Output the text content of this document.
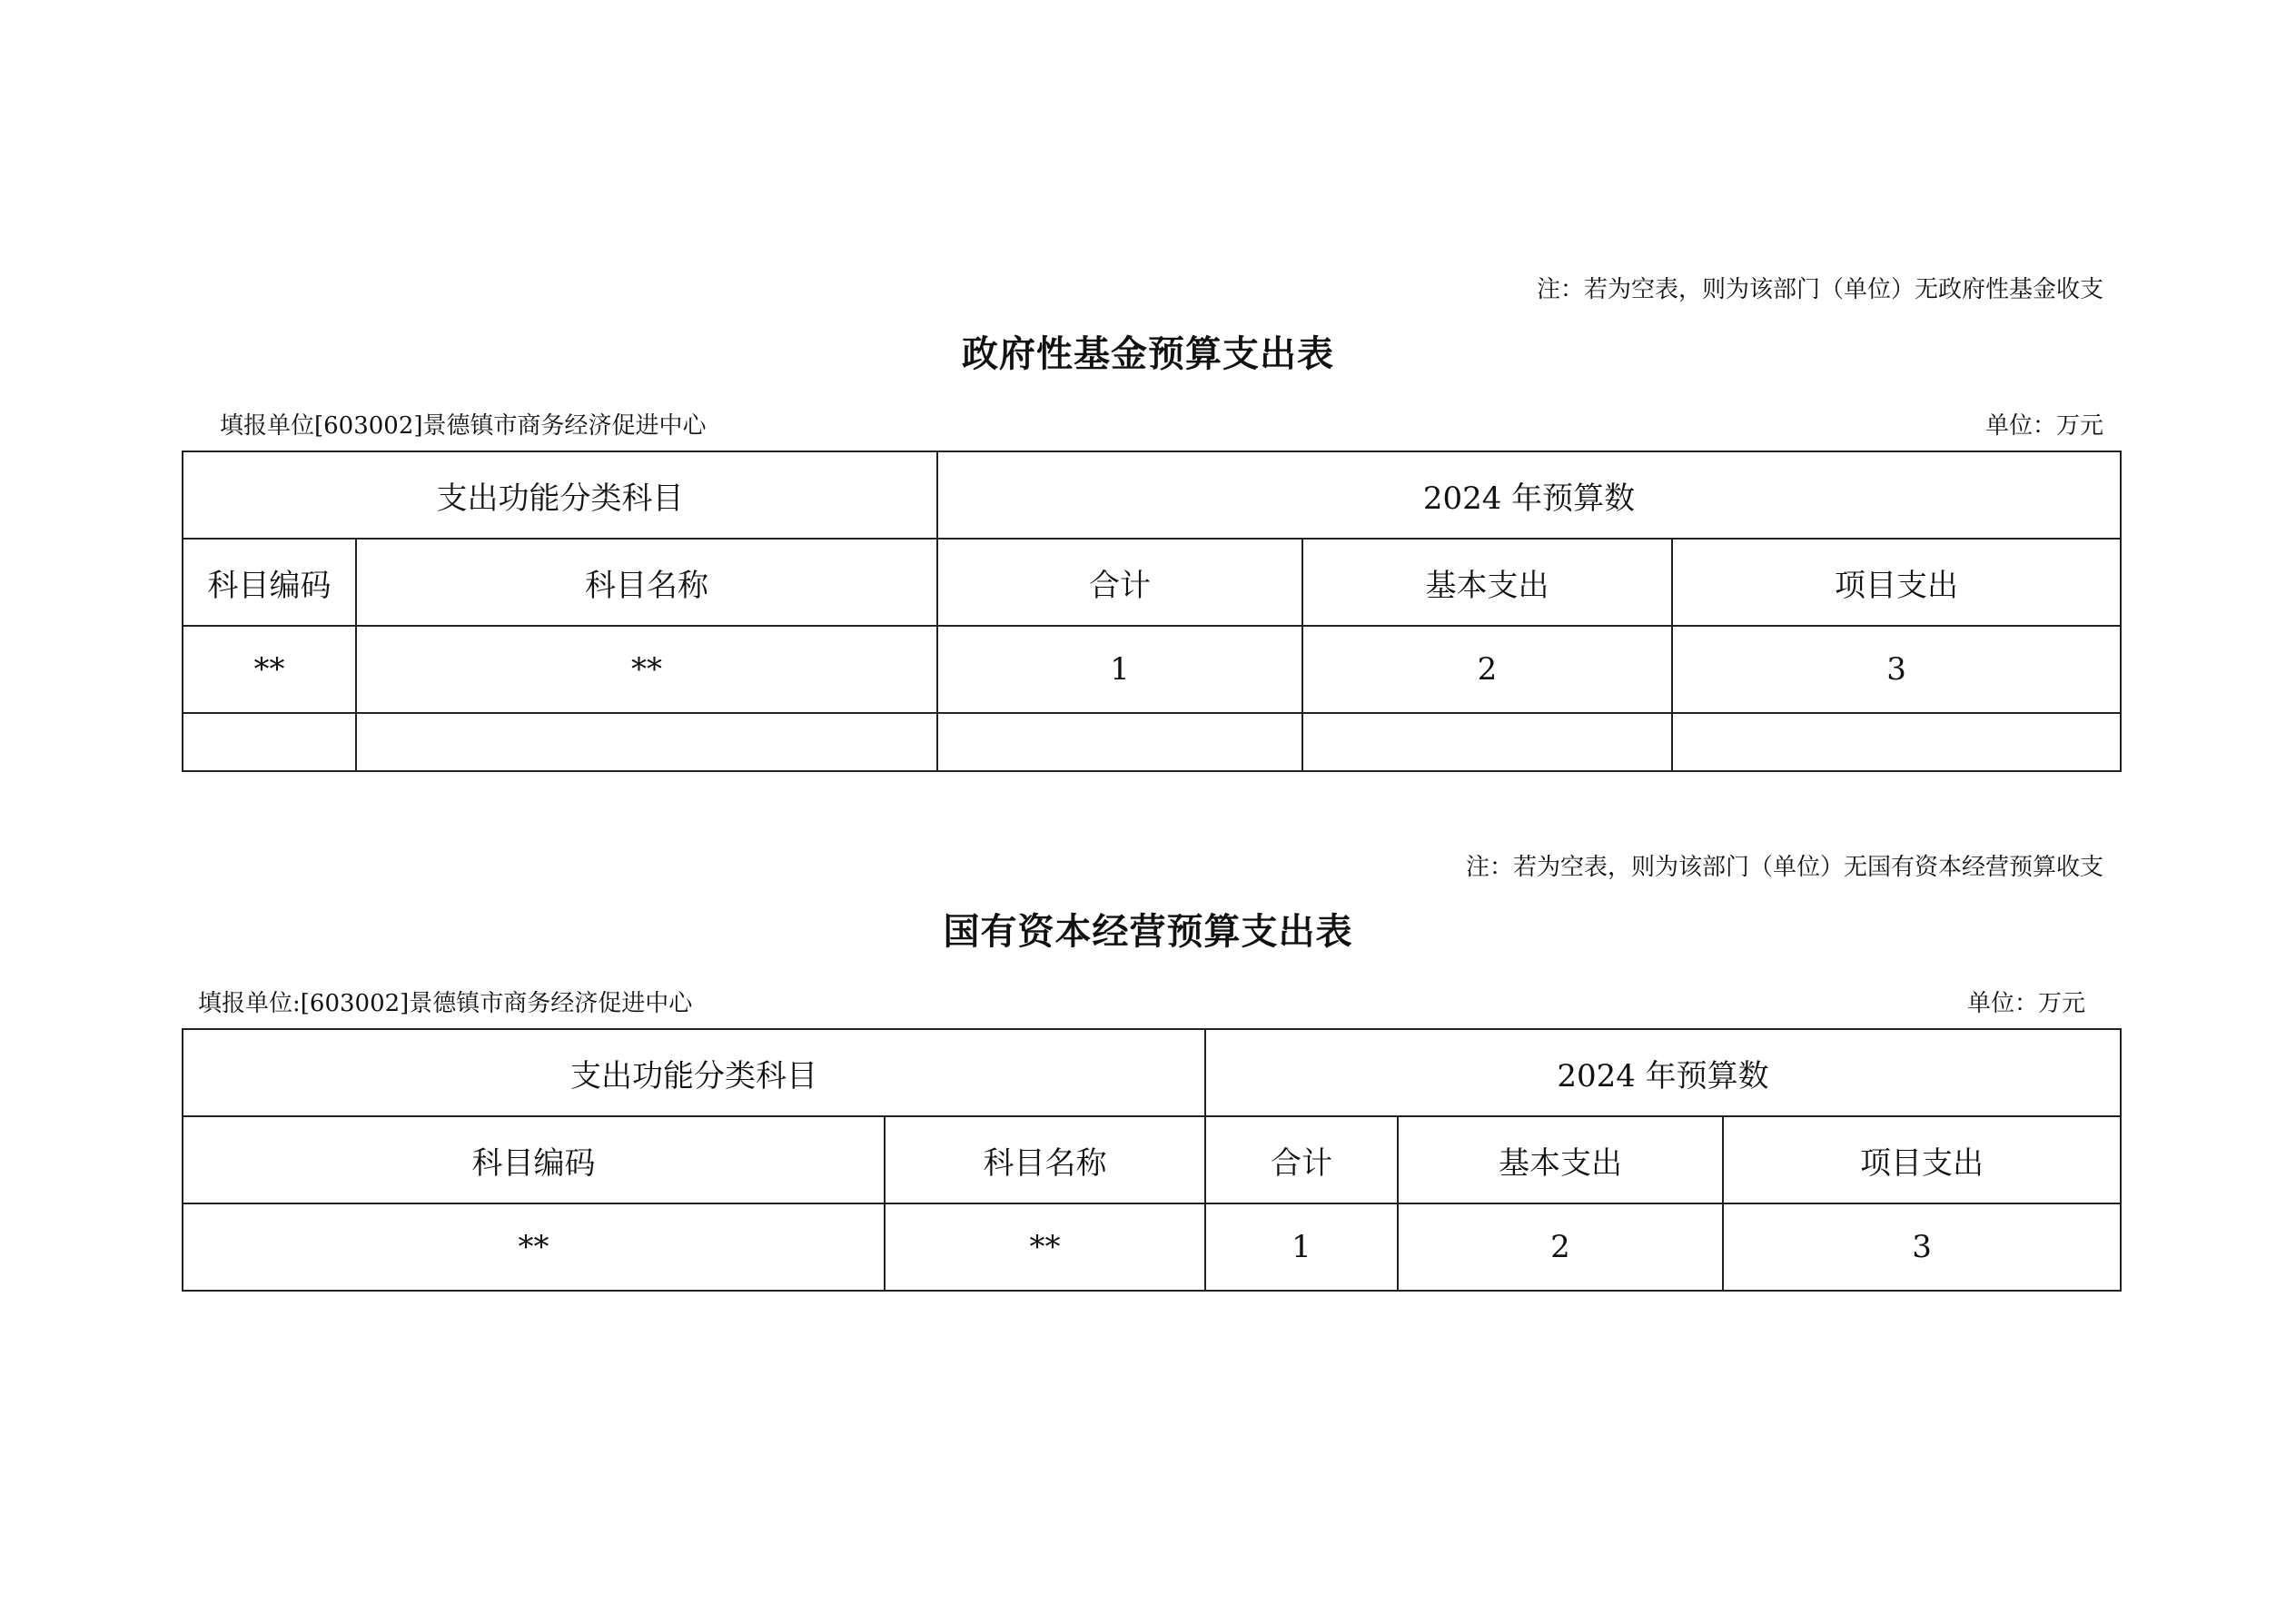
注：若为空表，则为该部门（单位）无政府性基金收支
政府性基金预算支出表
填报单位[603002]景德镇市商务经济促进中心	单位：万元
支出功能分类科目		2024 年预算数		
科目编码	科目名称	合计	基本支出	项目支出
**	**	1	2	3

注：若为空表，则为该部门（单位）无国有资本经营预算收支
国有资本经营预算支出表
填报单位:[603002]景德镇市商务经济促进中心	单位：万元
支出功能分类科目		2024 年预算数		
科目编码	科目名称	合计	基本支出	项目支出
**	**	1	2	3
